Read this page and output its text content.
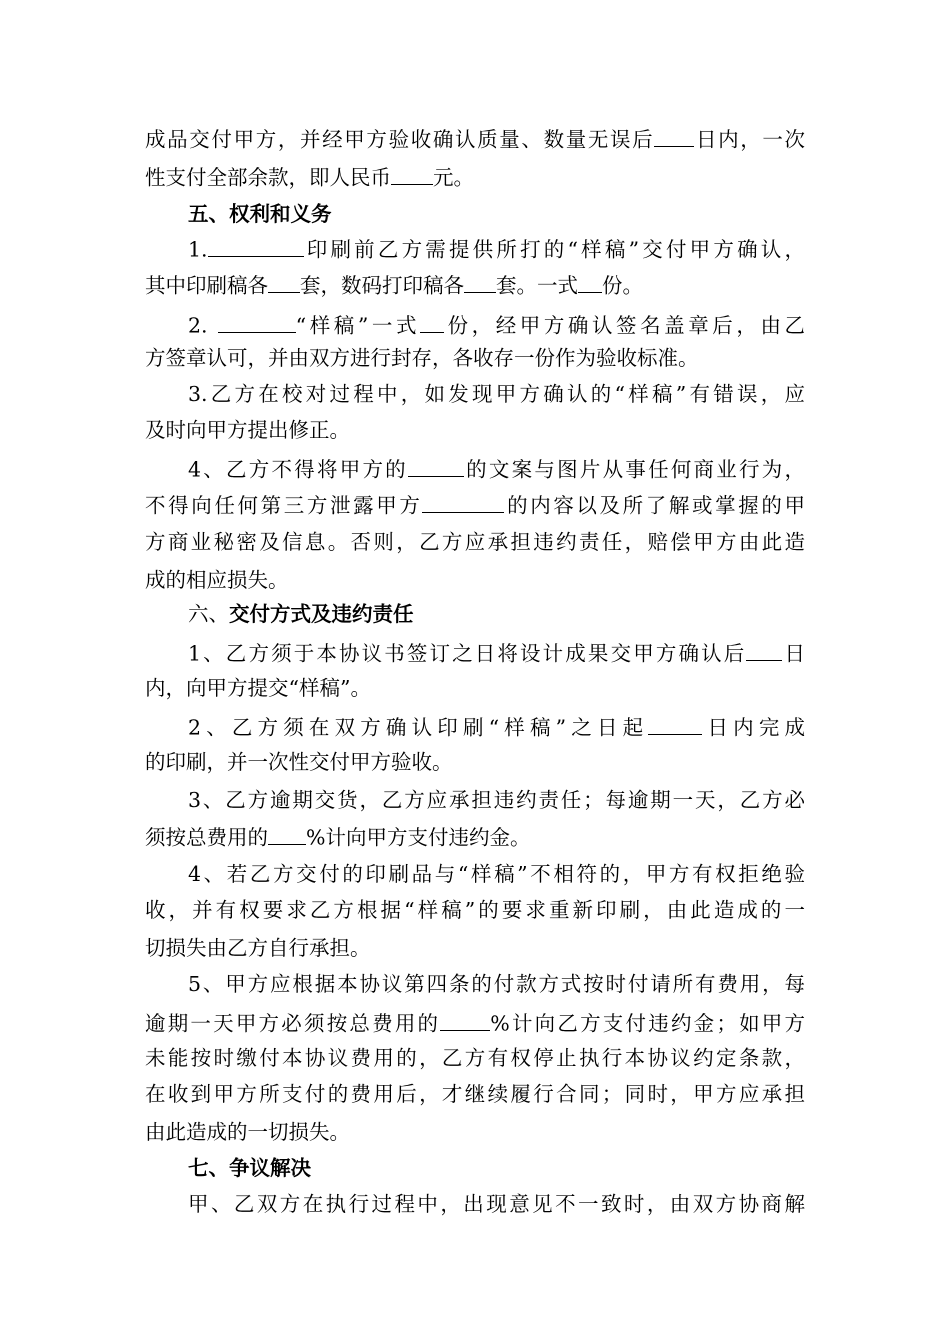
成品交付甲方，并经甲方验收确认质量、数量无误后 日内，一次
性支付全部余款，即人民币 元。
五、权利和义务
1.	印刷前乙方需提供所打的“样稿”交付甲方确认，
其中印刷稿各 套，数码打印稿各 套。一式 份。
2.	“样稿”一式 份，经甲方确认签名盖章后，由乙
方签章认可，并由双方进行封存，各收存一份作为验收标准。
3.乙方在校对过程中，如发现甲方确认的“样稿”有错误，应
及时向甲方提出修正。
4、乙方不得将甲方的	的文案与图片从事任何商业行为，
不得向任何第三方泄露甲方	的内容以及所了解或掌握的甲
方商业秘密及信息。否则，乙方应承担违约责任，赔偿甲方由此造
成的相应损失。
六、交付方式及违约责任
1、乙方须于本协议书签订之日将设计成果交甲方确认后 日
内，向甲方提交“样稿”。
2、乙方须在双方确认印刷“样稿”之日起	日内完成
的印刷，并一次性交付甲方验收。
3、乙方逾期交货，乙方应承担违约责任；每逾期一天，乙方必
须按总费用的 %计向甲方支付违约金。
4、若乙方交付的印刷品与“样稿”不相符的，甲方有权拒绝验
收，并有权要求乙方根据“样稿”的要求重新印刷，由此造成的一
切损失由乙方自行承担。
5、甲方应根据本协议第四条的付款方式按时付请所有费用，每
逾期一天甲方必须按总费用的 %计向乙方支付违约金；如甲方
未能按时缴付本协议费用的，乙方有权停止执行本协议约定条款，
在收到甲方所支付的费用后，才继续履行合同；同时，甲方应承担
由此造成的一切损失。
七、争议解决
甲、乙双方在执行过程中，出现意见不一致时，由双方协商解
